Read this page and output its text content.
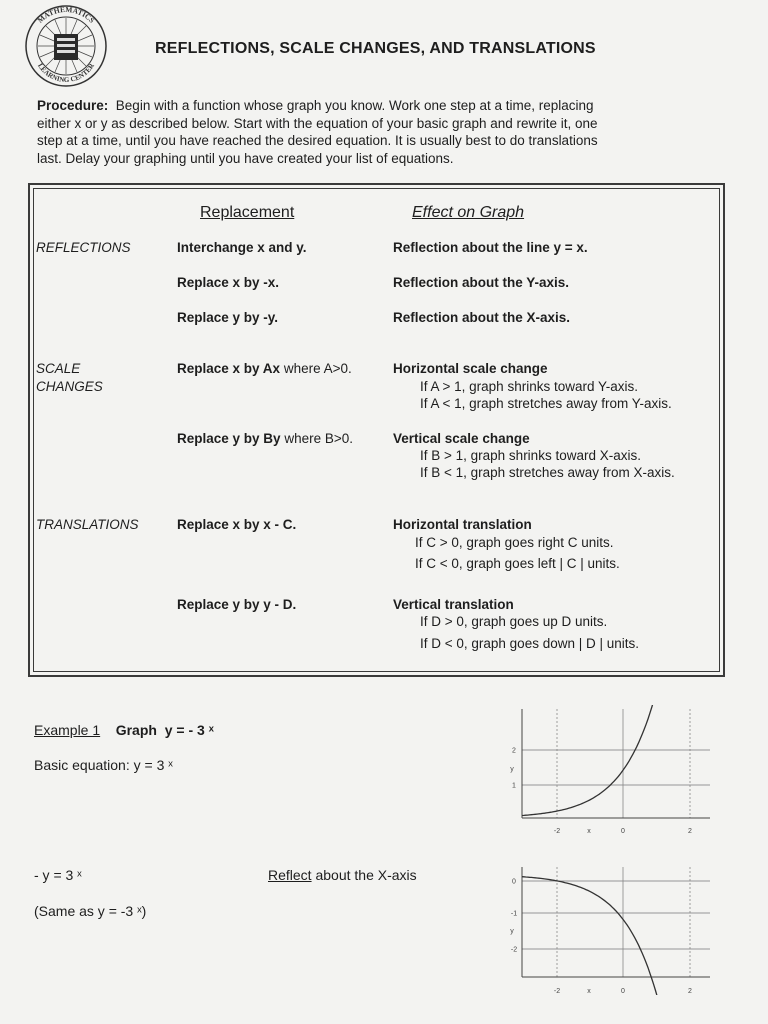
MATHEMATICS
LEARNING CENTER
REFLECTIONS, SCALE CHANGES, AND TRANSLATIONS
Procedure: Begin with a function whose graph you know. Work one step at a time, replacing
either x or y as described below. Start with the equation of your basic graph and rewrite it, one
step at a time, until you have reached the desired equation. It is usually best to do translations
last. Delay your graphing until you have created your list of equations.
Replacement	Effect on Graph
REFLECTIONS	Interchange x and y.	Reflection about the line y = x.
Replace x by -x.	Reflection about the Y-axis.
Replace y by -y.	Reflection about the X-axis.
SCALE
CHANGES
Replace x by Ax where A>0.	Horizontal scale change
If A > 1, graph shrinks toward Y-axis.
If A < 1, graph stretches away from Y-axis.
Replace y by By where B>0.	Vertical scale change
If B > 1, graph shrinks toward X-axis.
If B < 1, graph stretches away from X-axis.
TRANSLATIONS	Replace x by x - C.	Horizontal translation
If C > 0, graph goes right C units.
If C < 0, graph goes left | C | units.
Replace y by y - D.	Vertical translation
If D > 0, graph goes up D units.
If D < 0, graph goes down | D | units.
Example 1 Graph y = - 3 ˣ
Basic equation: y = 3 ˣ
- y = 3 ˣ
(Same as y = -3 ˣ)
Reflect about the X-axis
1
2
-2	x	0	2
y
0
-1
-2
-2	x	0	2
y
